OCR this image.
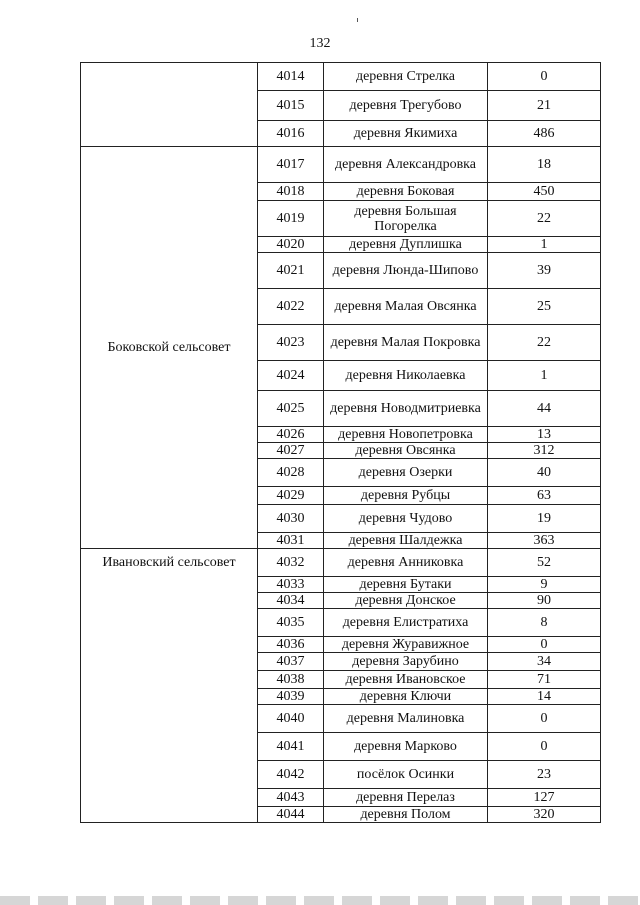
132
	4014	деревня Стрелка	0
	4015	деревня Трегубово	21
	4016	деревня Якимиха	486
Боковской сельсовет	4017	деревня Александровка	18
	4018	деревня Боковая	450
	4019	деревня Большая Погорелка	22
	4020	деревня Дуплишка	1
	4021	деревня Люнда-Шипово	39
	4022	деревня Малая Овсянка	25
	4023	деревня Малая Покровка	22
	4024	деревня Николаевка	1
	4025	деревня Новодмитриевка	44
	4026	деревня Новопетровка	13
	4027	деревня Овсянка	312
	4028	деревня Озерки	40
	4029	деревня Рубцы	63
	4030	деревня Чудово	19
	4031	деревня Шалдежка	363
Ивановский сельсовет	4032	деревня Анниковка	52
	4033	деревня Бутаки	9
	4034	деревня Донское	90
	4035	деревня Елистратиха	8
	4036	деревня Журавижное	0
	4037	деревня Зарубино	34
	4038	деревня Ивановское	71
	4039	деревня Ключи	14
	4040	деревня Малиновка	0
	4041	деревня Марково	0
	4042	посёлок Осинки	23
	4043	деревня Перелаз	127
	4044	деревня Полом	320
